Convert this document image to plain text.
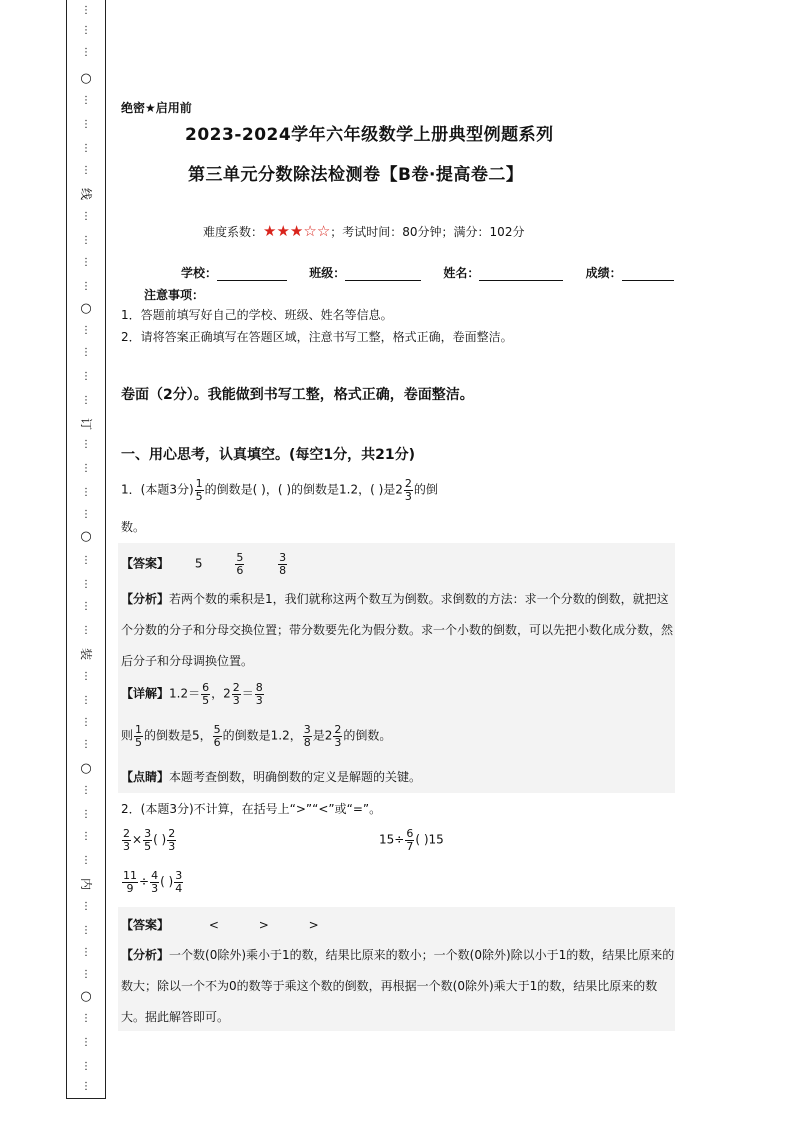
⋮
⋮
⋮
○
⋮
⋮
⋮
⋮
线
⋮
⋮
⋮
⋮
○
⋮
⋮
⋮
⋮
订
⋮
⋮
⋮
⋮
○
⋮
⋮
⋮
⋮
装
⋮
⋮
⋮
⋮
○
⋮
⋮
⋮
⋮
内
⋮
⋮
⋮
⋮
○
⋮
⋮
⋮
⋮
绝密★启用前
2023-2024学年六年级数学上册典型例题系列
第三单元分数除法检测卷【B卷·提高卷二】
难度系数：★★★☆☆；考试时间：80分钟；满分：102分
学校：	班级：	姓名：	成绩：
注意事项：
1．答题前填写好自己的学校、班级、姓名等信息。
2．请将答案正确填写在答题区域，注意书写工整，格式正确，卷面整洁。
卷面（2分）。我能做到书写工整，格式正确，卷面整洁。
一、用心思考，认真填空。(每空1分，共21分)
1．(本题3分) $\frac{1}{5}$ 的倒数是( )，( )的倒数是1.2，( )是$2 \frac{2}{3}$ 的倒
数。
【答案】 5	$\frac{5}{6}$
	$\frac{3}{8}$
【分析】若两个数的乘积是1，我们就称这两个数互为倒数。求倒数的方法：求一个分数的倒数，就把这个分数的分子和分母交换位置；带分数要先化为假分数。求一个小数的倒数，可以先把小数化成分数，然后分子和分母调换位置。
【详解】$1.2= \frac{6}{5}$ ，$2 \frac{2}{3} = \frac{8}{3}$
则 $\frac{1}{5}$ 的倒数是5， $\frac{5}{6}$ 的倒数是1.2， $\frac{3}{8}$ 是$2 \frac{2}{3}$ 的倒数。
【点睛】本题考查倒数，明确倒数的定义是解题的关键。
2．(本题3分)不计算，在括号上“>”“<”或“=”。
$\frac{2}{3} \times \frac{3}{5}$ ( ) $\frac{2}{3}$	$15\div \frac{6}{7}$ ( )15
$\frac{11}{9} \div \frac{4}{3}$ ( ) $\frac{3}{4}$
【答案】	<	>	>
【分析】一个数(0除外)乘小于1的数，结果比原来的数小；一个数(0除外)除以小于1的数，结果比原来的数大；除以一个不为0的数等于乘这个数的倒数，再根据一个数(0除外)乘大于1的数，结果比原来的数大。据此解答即可。
